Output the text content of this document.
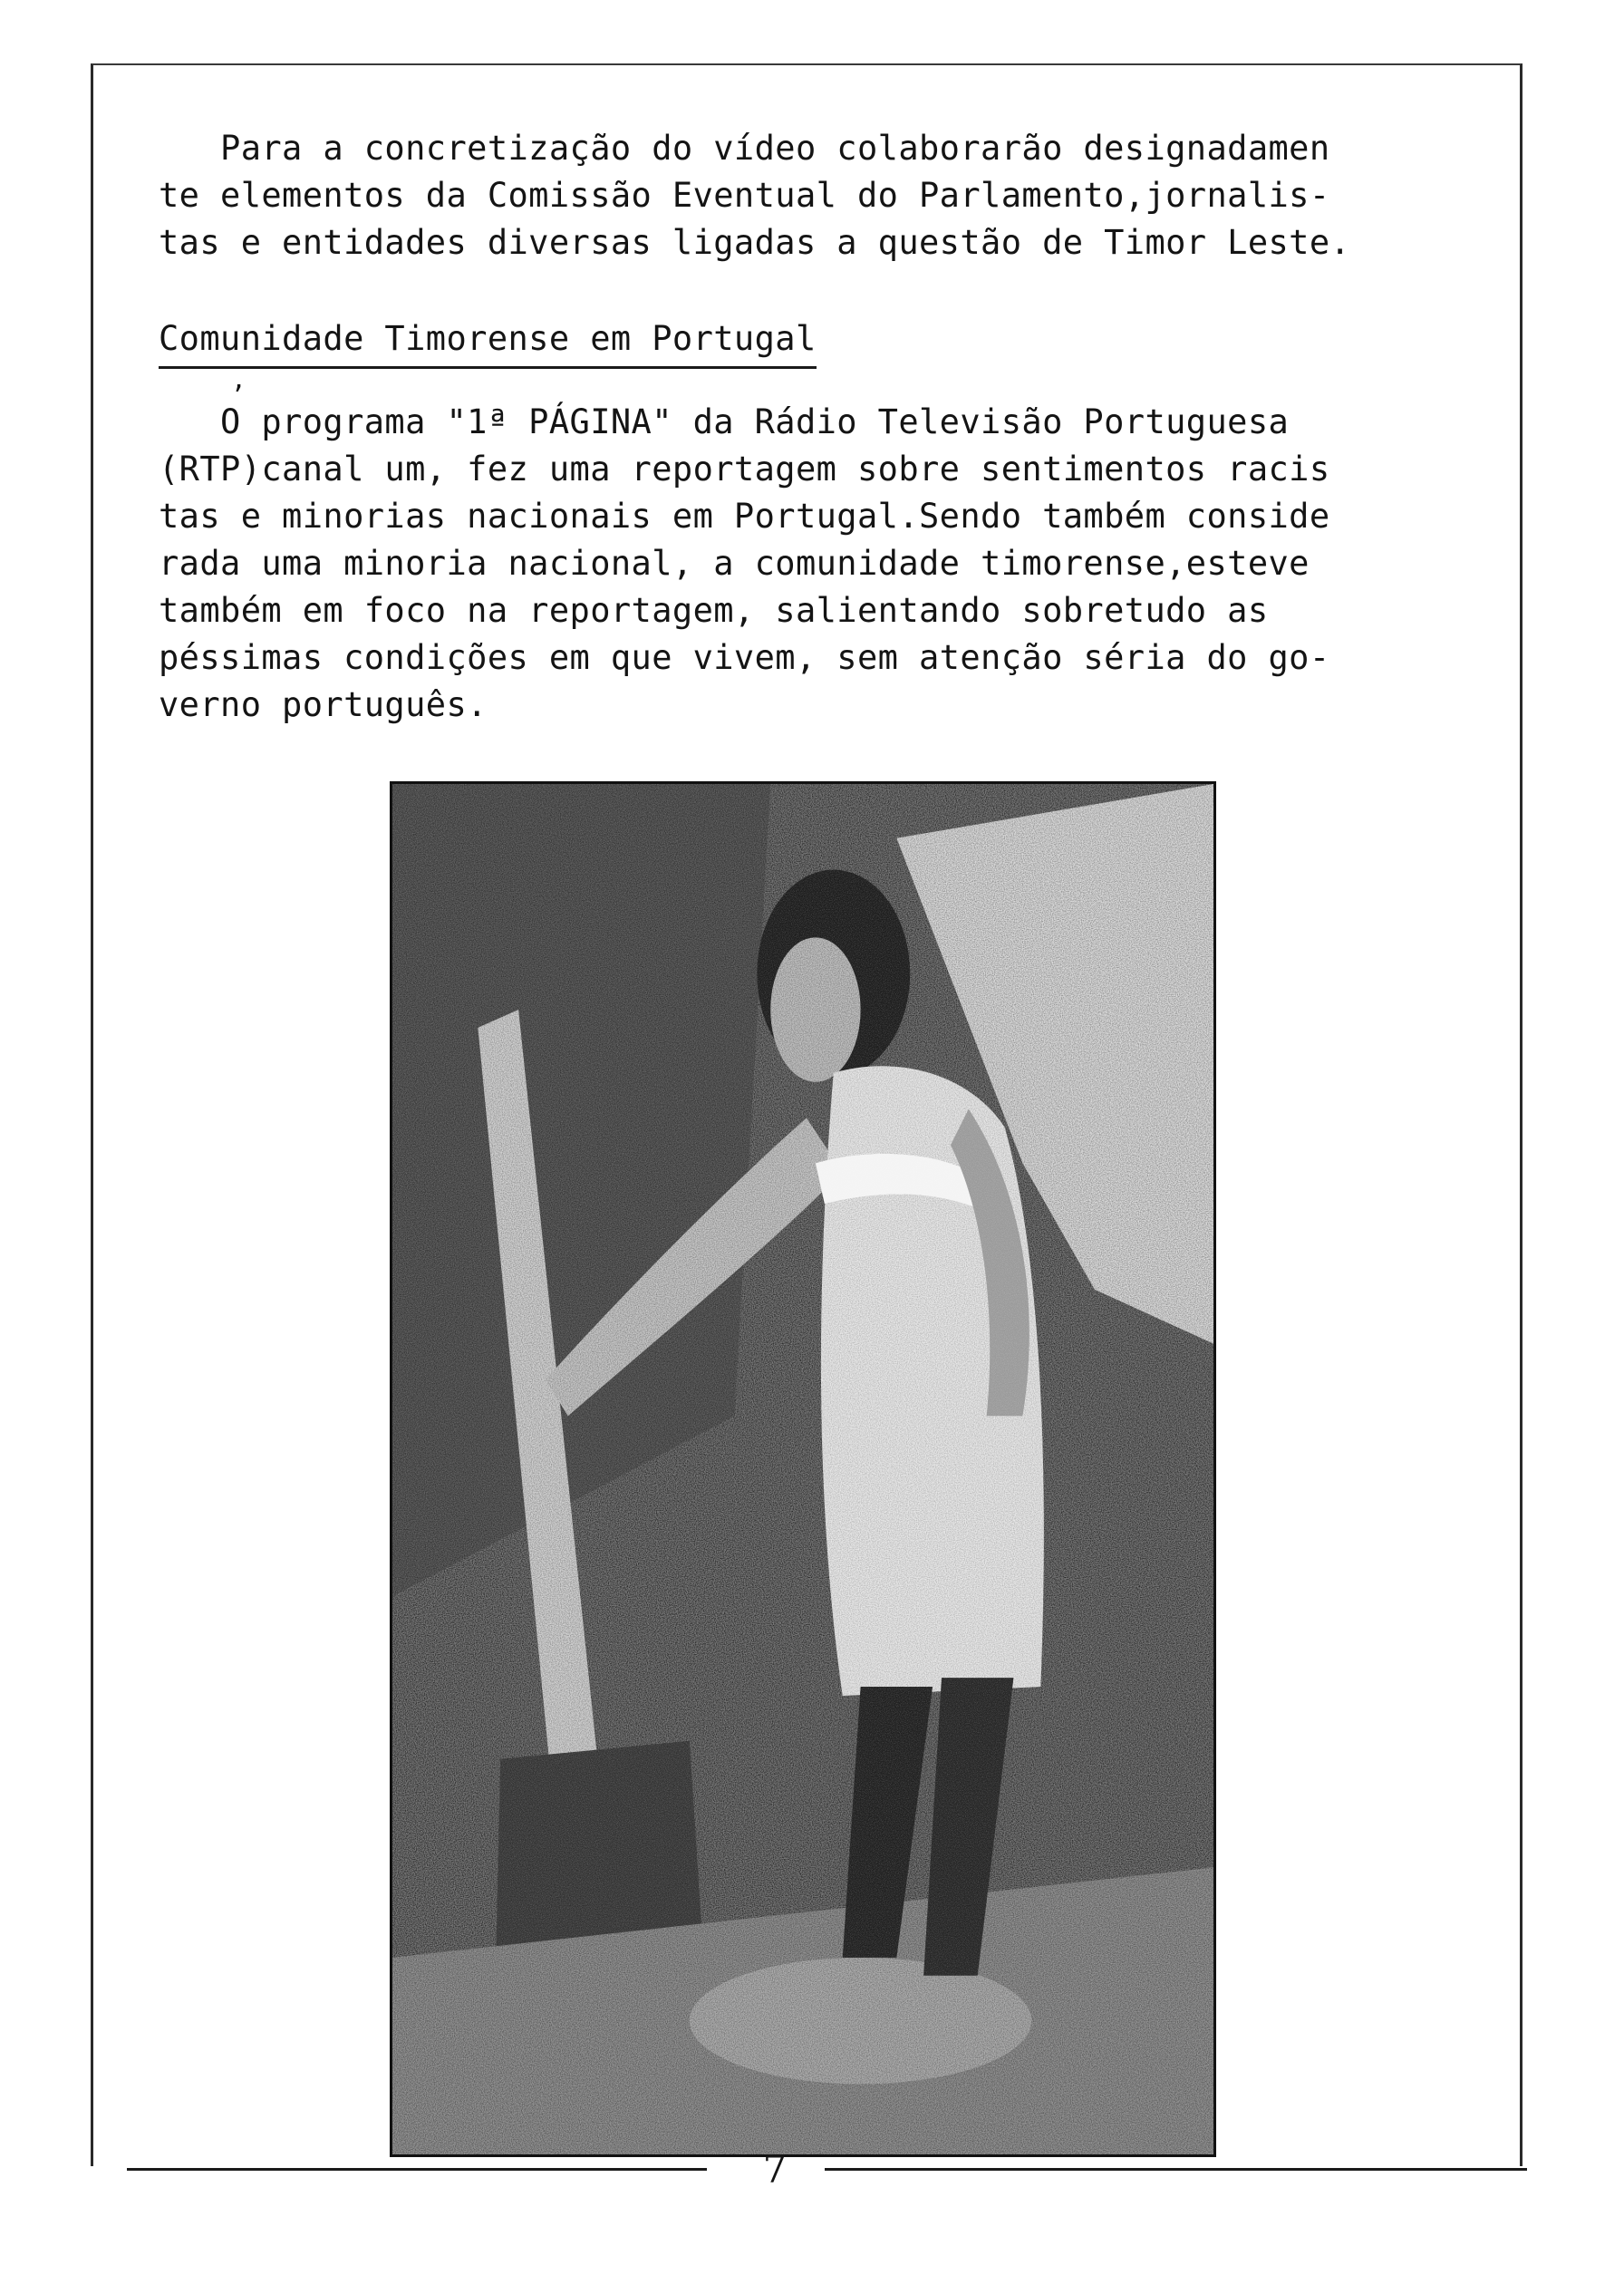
Para a concretização do vídeo colaborarão designadamen
te elementos da Comissão Eventual do Parlamento,jornalis-
tas e entidades diversas ligadas a questão de Timor Leste.
Comunidade Timorense em Portugal
,
O programa "1ª PÁGINA" da Rádio Televisão Portuguesa
(RTP)canal um, fez uma reportagem sobre sentimentos racis
tas e minorias nacionais em Portugal.Sendo também conside
rada uma minoria nacional, a comunidade timorense,esteve
também em foco na reportagem, salientando sobretudo as
péssimas condições em que vivem, sem atenção séria do go-
verno português.
7
